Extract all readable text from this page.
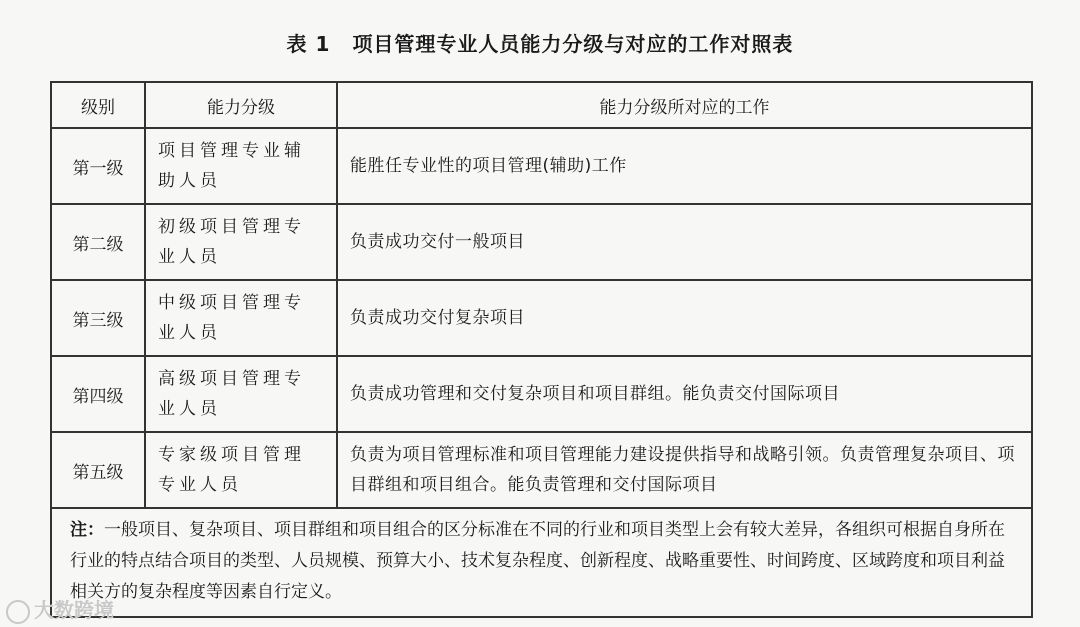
表 1 项目管理专业人员能力分级与对应的工作对照表
级别	能力分级	能力分级所对应的工作
第一级	项目管理专业辅助人员	能胜任专业性的项目管理(辅助)工作

第二级	初级项目管理专业人员	负责成功交付一般项目

第三级	中级项目管理专业人员	负责成功交付复杂项目

第四级	高级项目管理专业人员	负责成功管理和交付复杂项目和项目群组。能负责交付国际项目

第五级	专家级项目管理专业人员	负责为项目管理标准和项目管理能力建设提供指导和战略引领。负责管理复杂项目、项目群组和项目组合。能负责管理和交付国际项目

注：一般项目、复杂项目、项目群组和项目组合的区分标准在不同的行业和项目类型上会有较大差异，各组织可根据自身所在行业的特点结合项目的类型、人员规模、预算大小、技术复杂程度、创新程度、战略重要性、时间跨度、区域跨度和项目利益相关方的复杂程度等因素自行定义。		
大数跨境
